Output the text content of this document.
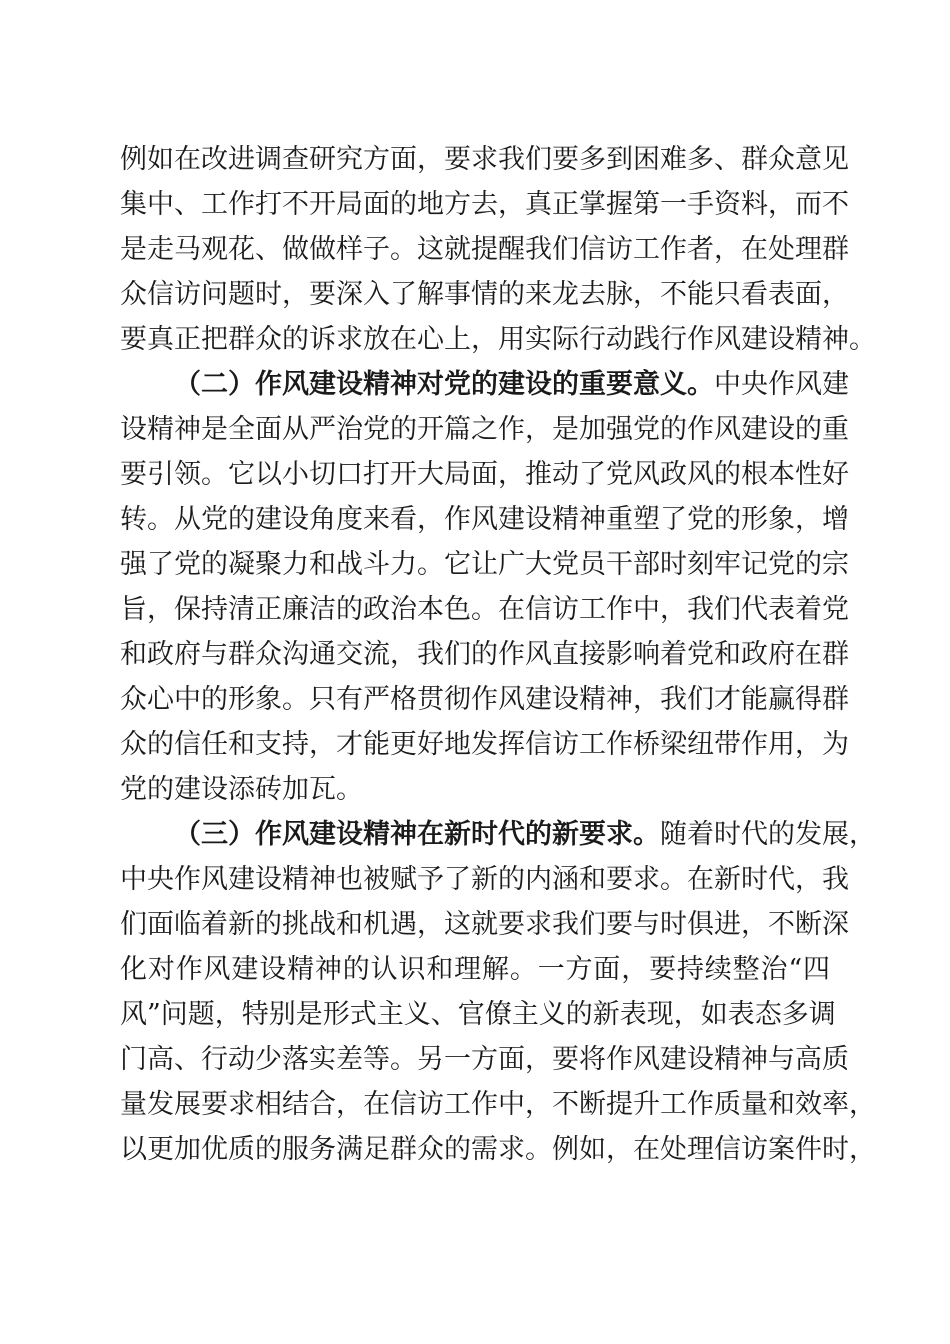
例如在改进调查研究方面，要求我们要多到困难多、群众意见
集中、工作打不开局面的地方去，真正掌握第一手资料，而不
是走马观花、做做样子。这就提醒我们信访工作者，在处理群
众信访问题时，要深入了解事情的来龙去脉，不能只看表面，
要真正把群众的诉求放在心上，用实际行动践行作风建设精神。
（二）作风建设精神对党的建设的重要意义。中央作风建
设精神是全面从严治党的开篇之作，是加强党的作风建设的重
要引领。它以小切口打开大局面，推动了党风政风的根本性好
转。从党的建设角度来看，作风建设精神重塑了党的形象，增
强了党的凝聚力和战斗力。它让广大党员干部时刻牢记党的宗
旨，保持清正廉洁的政治本色。在信访工作中，我们代表着党
和政府与群众沟通交流，我们的作风直接影响着党和政府在群
众心中的形象。只有严格贯彻作风建设精神，我们才能赢得群
众的信任和支持，才能更好地发挥信访工作桥梁纽带作用，为
党的建设添砖加瓦。
（三）作风建设精神在新时代的新要求。随着时代的发展，
中央作风建设精神也被赋予了新的内涵和要求。在新时代，我
们面临着新的挑战和机遇，这就要求我们要与时俱进，不断深
化对作风建设精神的认识和理解。一方面，要持续整治“四
风”问题，特别是形式主义、官僚主义的新表现，如表态多调
门高、行动少落实差等。另一方面，要将作风建设精神与高质
量发展要求相结合，在信访工作中，不断提升工作质量和效率，
以更加优质的服务满足群众的需求。例如，在处理信访案件时，
